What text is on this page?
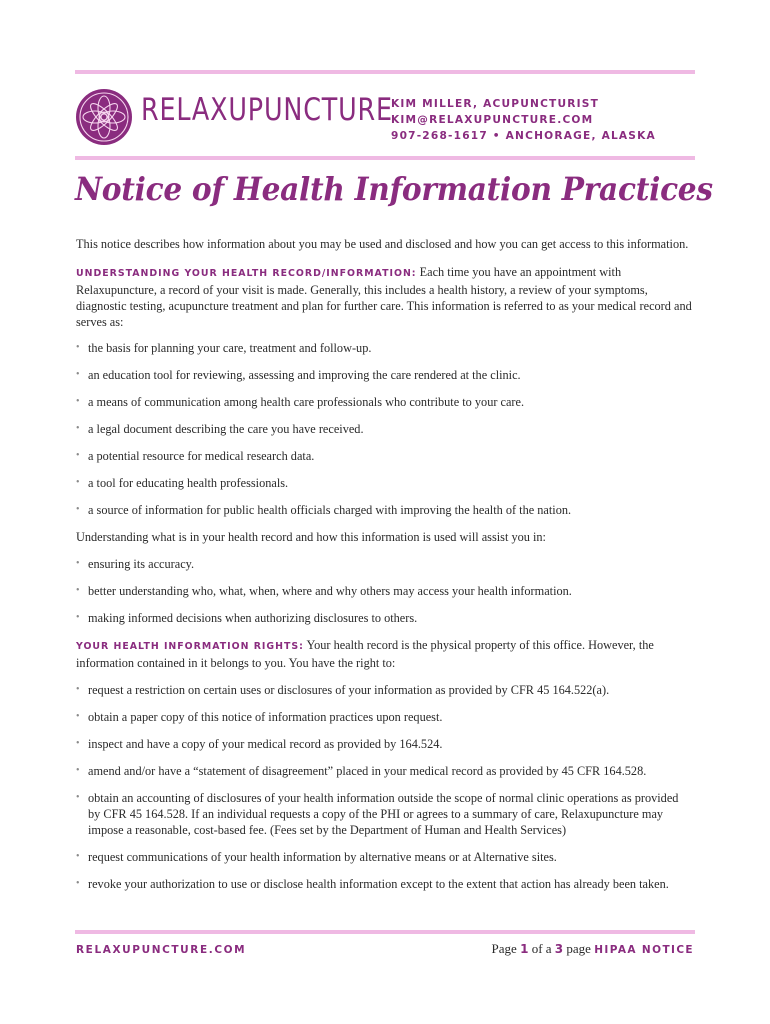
RELAXUPUNCTURE
KIM MILLER, ACUPUNCTURIST
KIM@RELAXUPUNCTURE.COM
907-268-1617 • ANCHORAGE, ALASKA
Notice of Health Information Practices

This notice describes how information about you may be used and disclosed and how you can get access to this information.

UNDERSTANDING YOUR HEALTH RECORD/INFORMATION: Each time you have an appointment with Relaxupuncture, a record of your visit is made. Generally, this includes a health history, a review of your symptoms, diagnostic testing, acupuncture treatment and plan for further care. This information is referred to as your medical record and serves as:

• the basis for planning your care, treatment and follow-up.
• an education tool for reviewing, assessing and improving the care rendered at the clinic.
• a means of communication among health care professionals who contribute to your care.
• a legal document describing the care you have received.
• a potential resource for medical research data.
• a tool for educating health professionals.
• a source of information for public health officials charged with improving the health of the nation.

Understanding what is in your health record and how this information is used will assist you in:

• ensuring its accuracy.
• better understanding who, what, when, where and why others may access your health information.
• making informed decisions when authorizing disclosures to others.

YOUR HEALTH INFORMATION RIGHTS: Your health record is the physical property of this office. However, the information contained in it belongs to you. You have the right to:

• request a restriction on certain uses or disclosures of your information as provided by CFR 45 164.522(a).
• obtain a paper copy of this notice of information practices upon request.
• inspect and have a copy of your medical record as provided by 164.524.
• amend and/or have a “statement of disagreement” placed in your medical record as provided by 45 CFR 164.528.
• obtain an accounting of disclosures of your health information outside the scope of normal clinic operations as provided by CFR 45 164.528. If an individual requests a copy of the PHI or agrees to a summary of care, Relaxupuncture may impose a reasonable, cost-based fee. (Fees set by the Department of Human and Health Services)
• request communications of your health information by alternative means or at Alternative sites.
• revoke your authorization to use or disclose health information except to the extent that action has already been taken.
RELAXUPUNCTURE.COM	Page 1 of a 3 page HIPAA NOTICE
